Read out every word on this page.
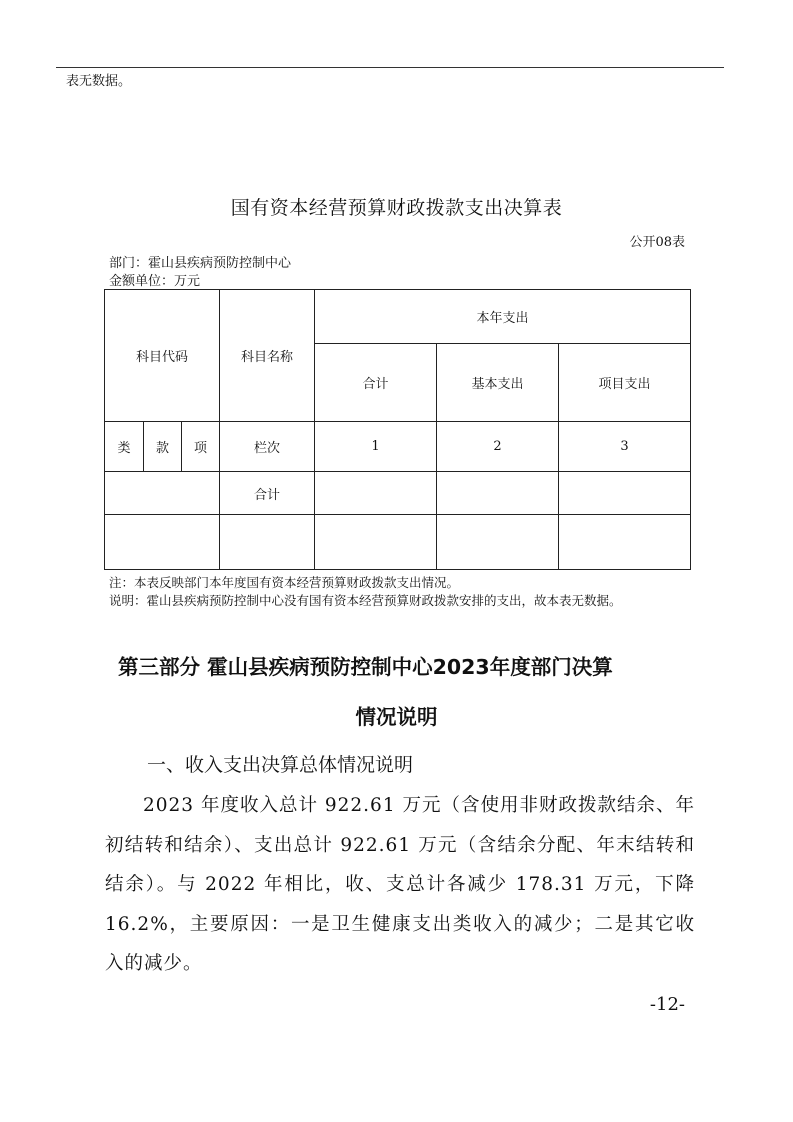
表无数据。
国有资本经营预算财政拨款支出决算表
公开08表
部门：霍山县疾病预防控制中心
金额单位：万元
科目代码			科目名称	本年支出		
				合计	基本支出	项目支出
类	款	项	栏次	1	2	3
			合计			

注：本表反映部门本年度国有资本经营预算财政拨款支出情况。
说明：霍山县疾病预防控制中心没有国有资本经营预算财政拨款安排的支出，故本表无数据。
第三部分 霍山县疾病预防控制中心2023年度部门决算
情况说明
一、收入支出决算总体情况说明
2023 年度收入总计 922.61 万元（含使用非财政拨款结余、年初结转和结余）、支出总计 922.61 万元（含结余分配、年末结转和结余）。与 2022 年相比，收、支总计各减少 178.31 万元，下降 16.2%，主要原因：一是卫生健康支出类收入的减少；二是其它收入的减少。
-12-
